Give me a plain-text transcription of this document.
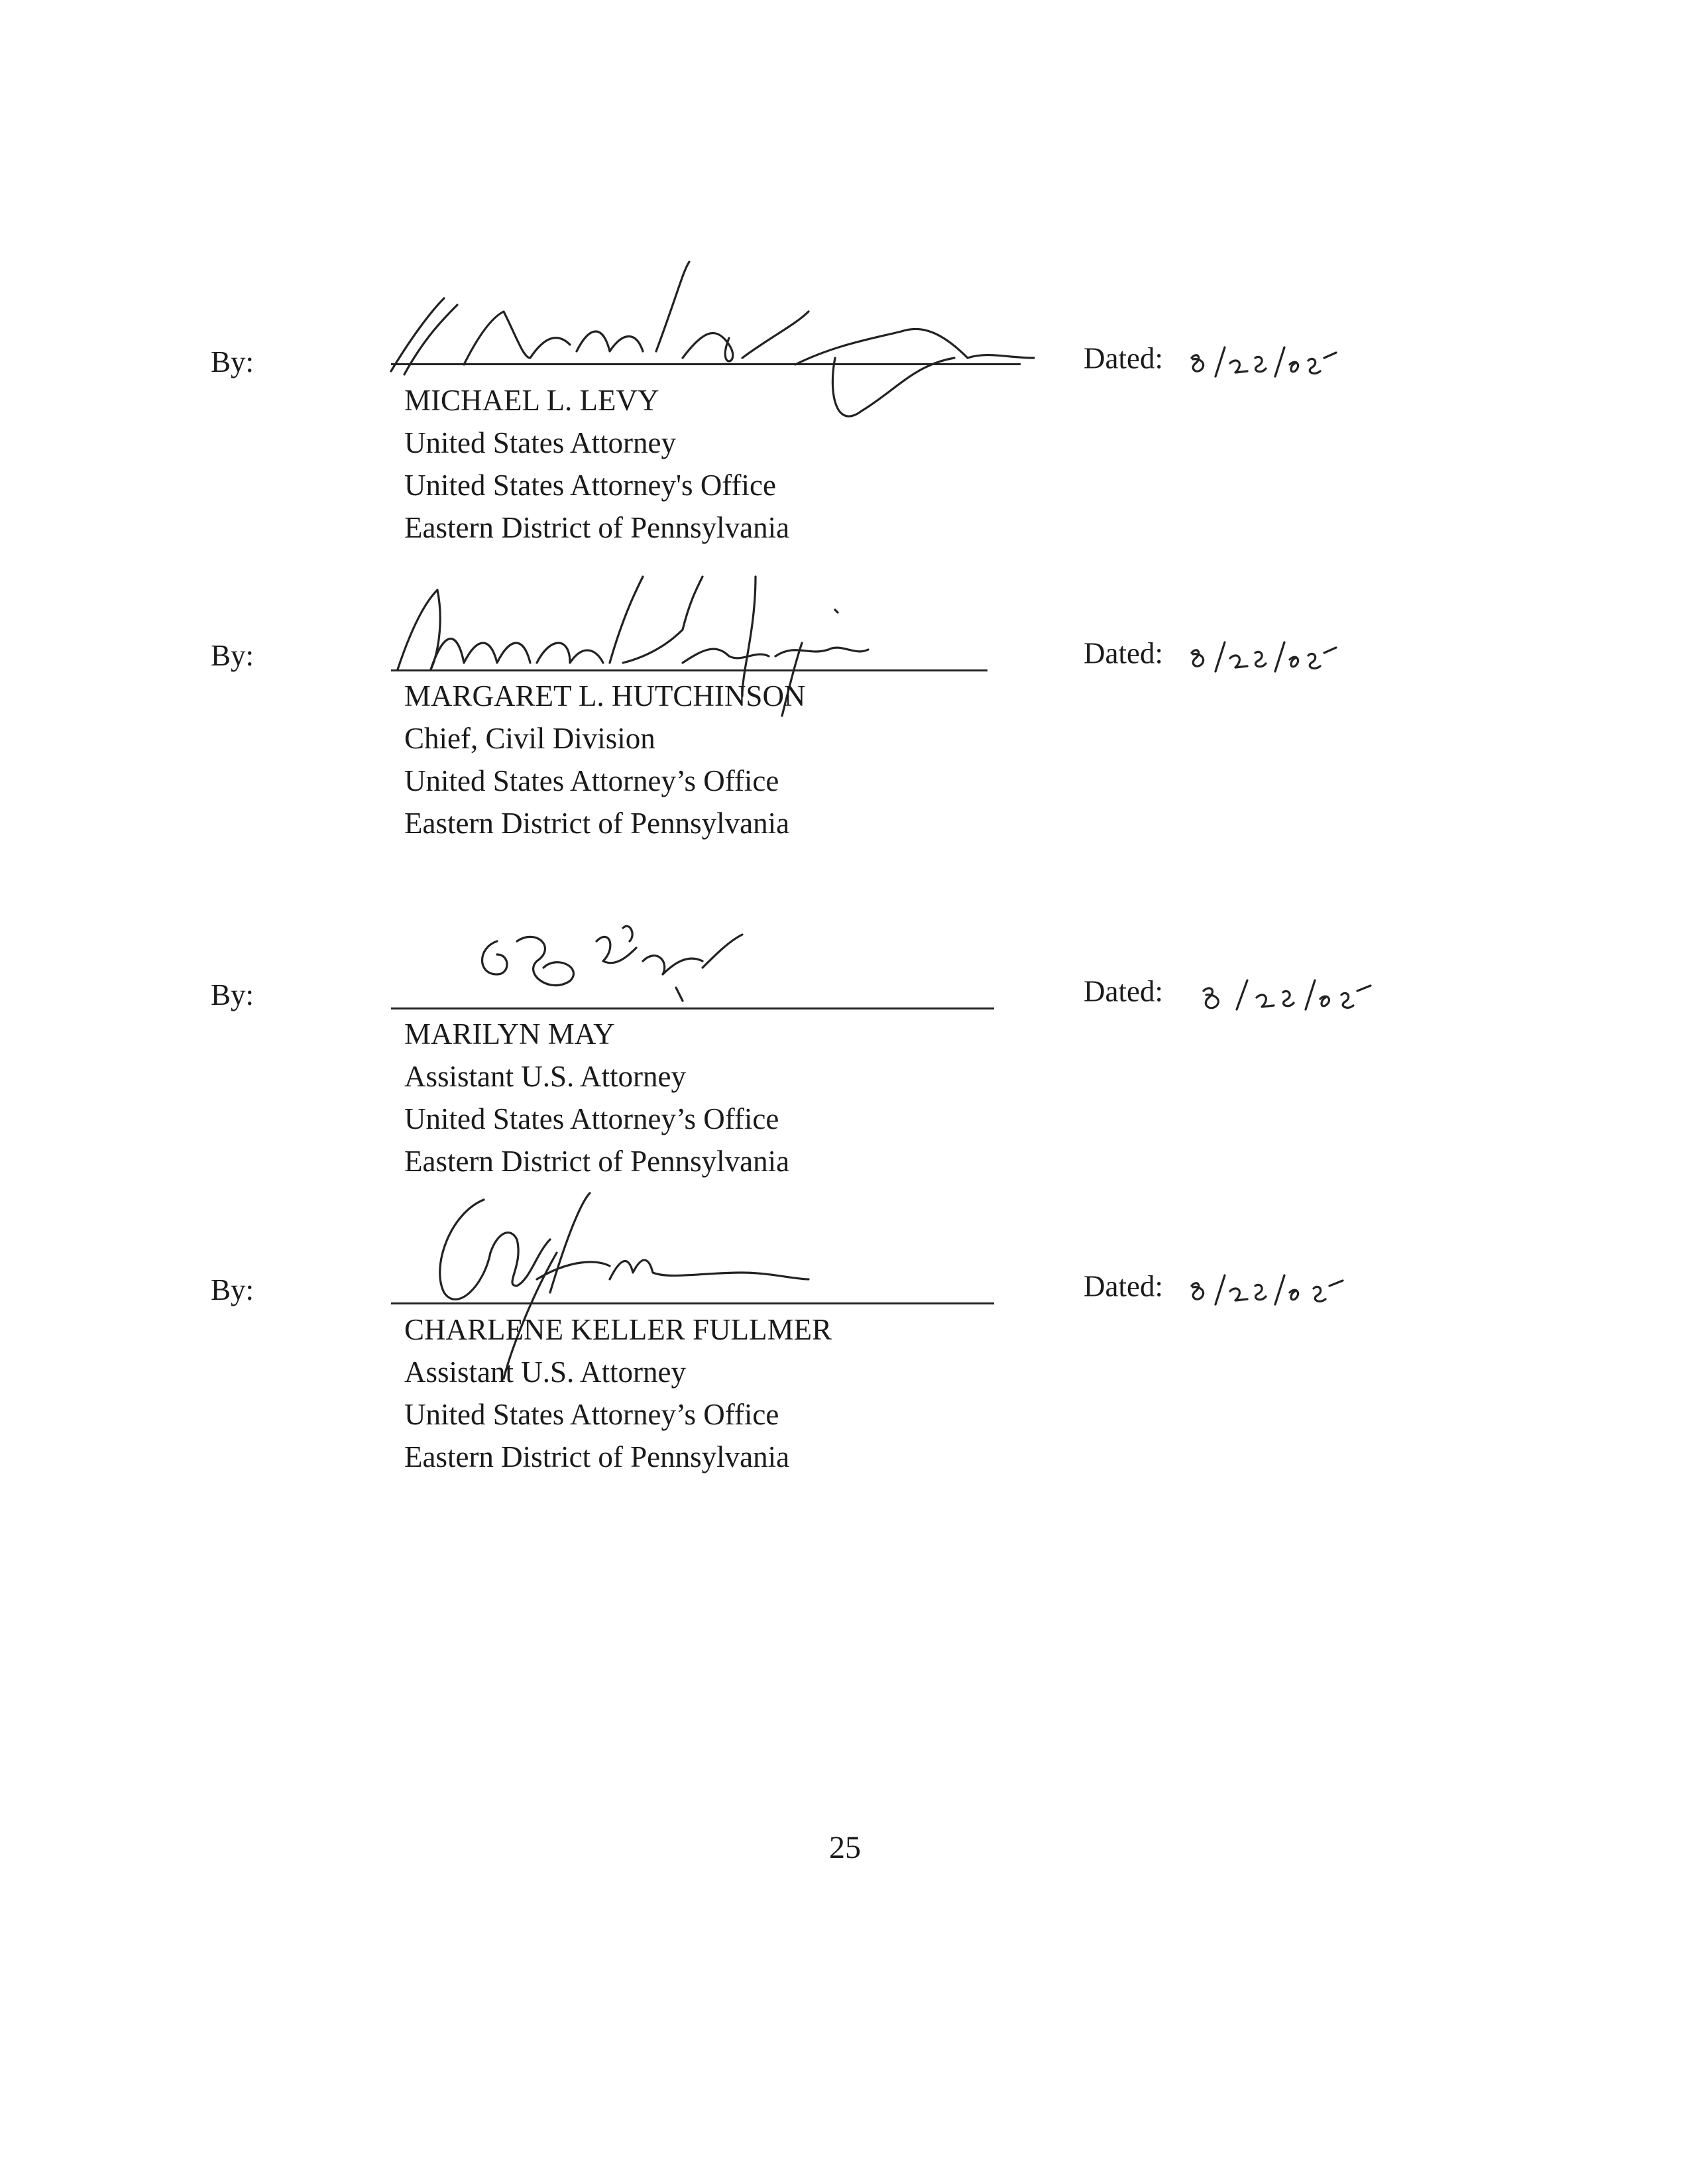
By:
MICHAEL L. LEVY
United States Attorney
United States Attorney's Office
Eastern District of Pennsylvania
Dated:
By:
MARGARET L. HUTCHINSON
Chief, Civil Division
United States Attorney’s Office
Eastern District of Pennsylvania
Dated:
By:
MARILYN MAY
Assistant U.S. Attorney
United States Attorney’s Office
Eastern District of Pennsylvania
Dated:
By:
CHARLENE KELLER FULLMER
Assistant U.S. Attorney
United States Attorney’s Office
Eastern District of Pennsylvania
Dated:
25
